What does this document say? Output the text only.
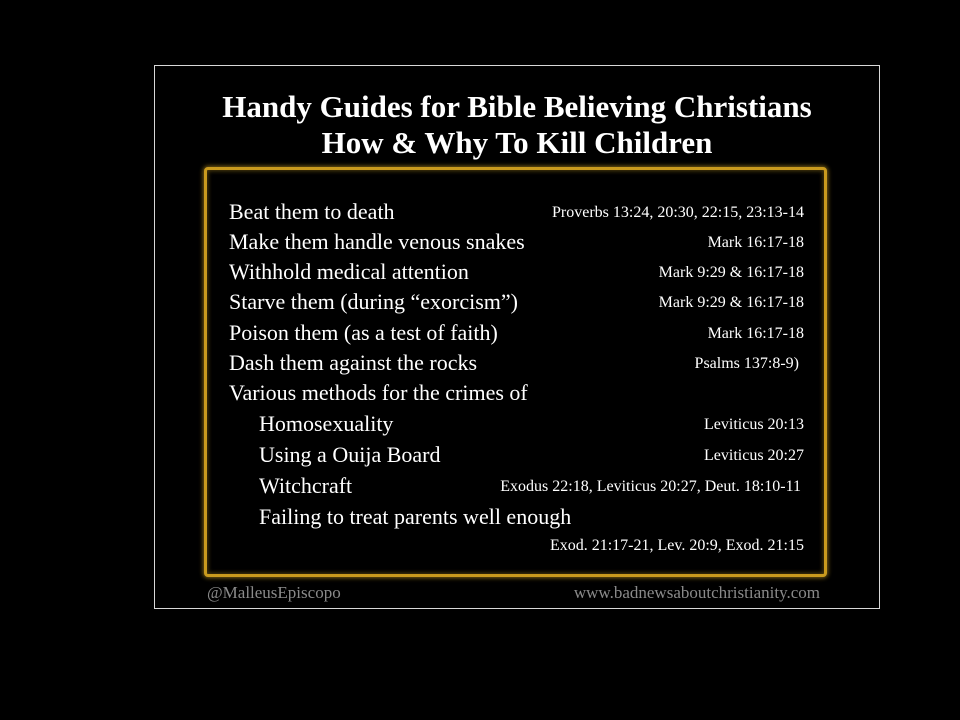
Handy Guides for Bible Believing Christians
How & Why To Kill Children
Beat them to death	Proverbs 13:24, 20:30, 22:15, 23:13-14
Make them handle venous snakes	Mark 16:17-18
Withhold medical attention	Mark 9:29 & 16:17-18
Starve them (during “exorcism”)	Mark 9:29 & 16:17-18
Poison them (as a test of faith)	Mark 16:17-18
Dash them against the rocks	Psalms 137:8-9)
Various methods for the crimes of
Homosexuality	Leviticus 20:13
Using a Ouija Board	Leviticus 20:27
Witchcraft	Exodus 22:18, Leviticus 20:27, Deut. 18:10-11
Failing to treat parents well enough
Exod. 21:17-21, Lev. 20:9, Exod. 21:15
@MalleusEpiscopo	www.badnewsaboutchristianity.com
